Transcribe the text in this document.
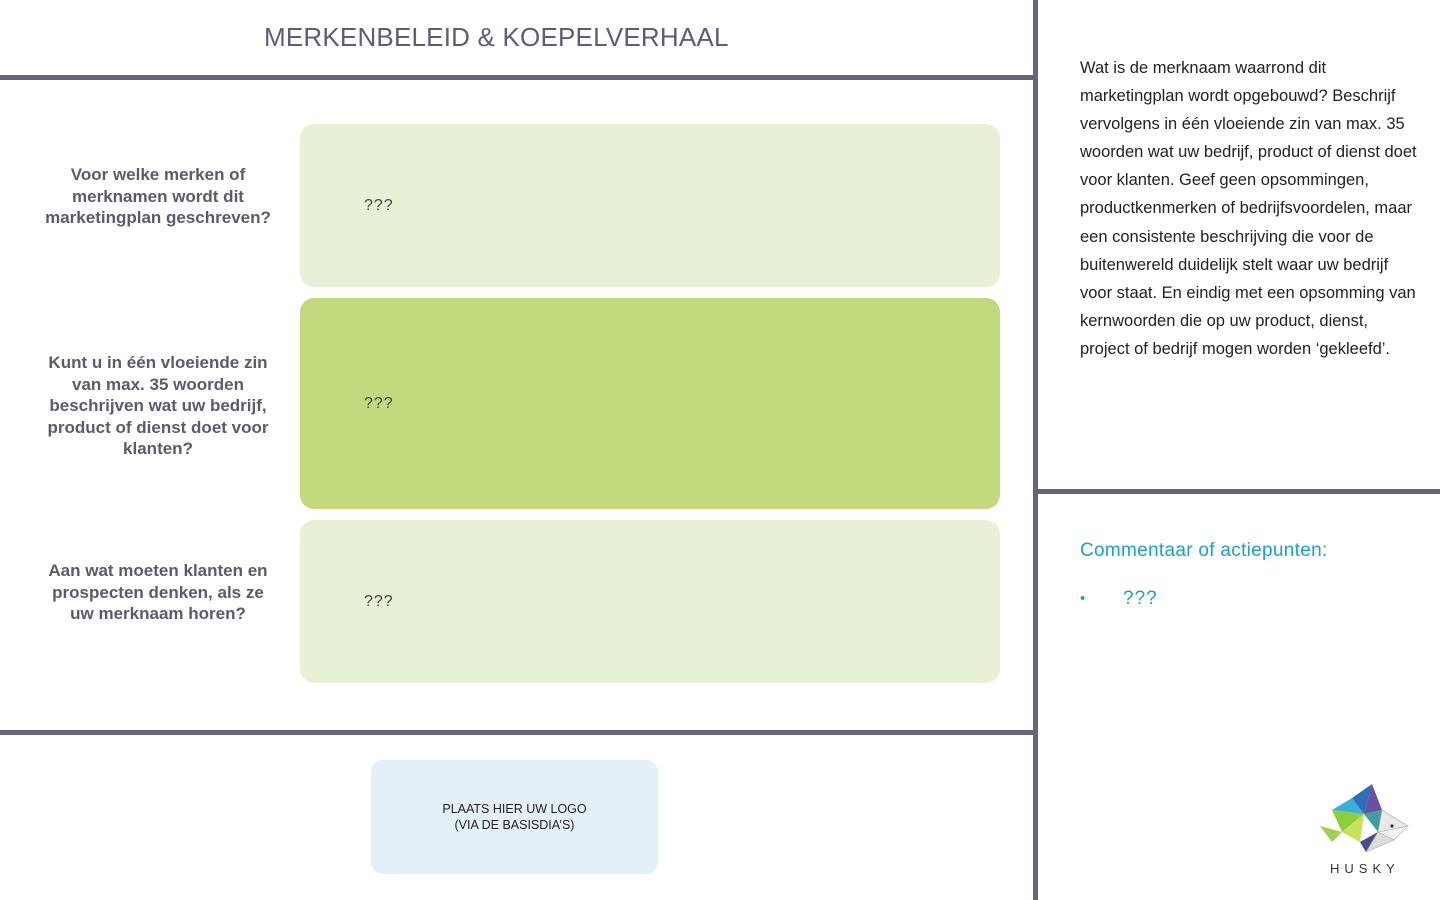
MERKENBELEID & KOEPELVERHAAL
Voor welke merken of merknamen wordt dit marketingplan geschreven?
???
Kunt u in één vloeiende zin van max. 35 woorden beschrijven wat uw bedrijf, product of dienst doet voor klanten?
???
Aan wat moeten klanten en prospecten denken, als ze uw merknaam horen?
???
Wat is de merknaam waarrond dit marketingplan wordt opgebouwd? Beschrijf vervolgens in één vloeiende zin van max. 35 woorden wat uw bedrijf, product of dienst doet voor klanten. Geef geen opsommingen, productkenmerken of bedrijfsvoordelen, maar een consistente beschrijving die voor de buitenwereld duidelijk stelt waar uw bedrijf voor staat. En eindig met een opsomming van kernwoorden die op uw product, dienst, project of bedrijf mogen worden ‘gekleefd’.
Commentaar of actiepunten:
• ???
PLAATS HIER UW LOGO
(VIA DE BASISDIA’S)
HUSKY
